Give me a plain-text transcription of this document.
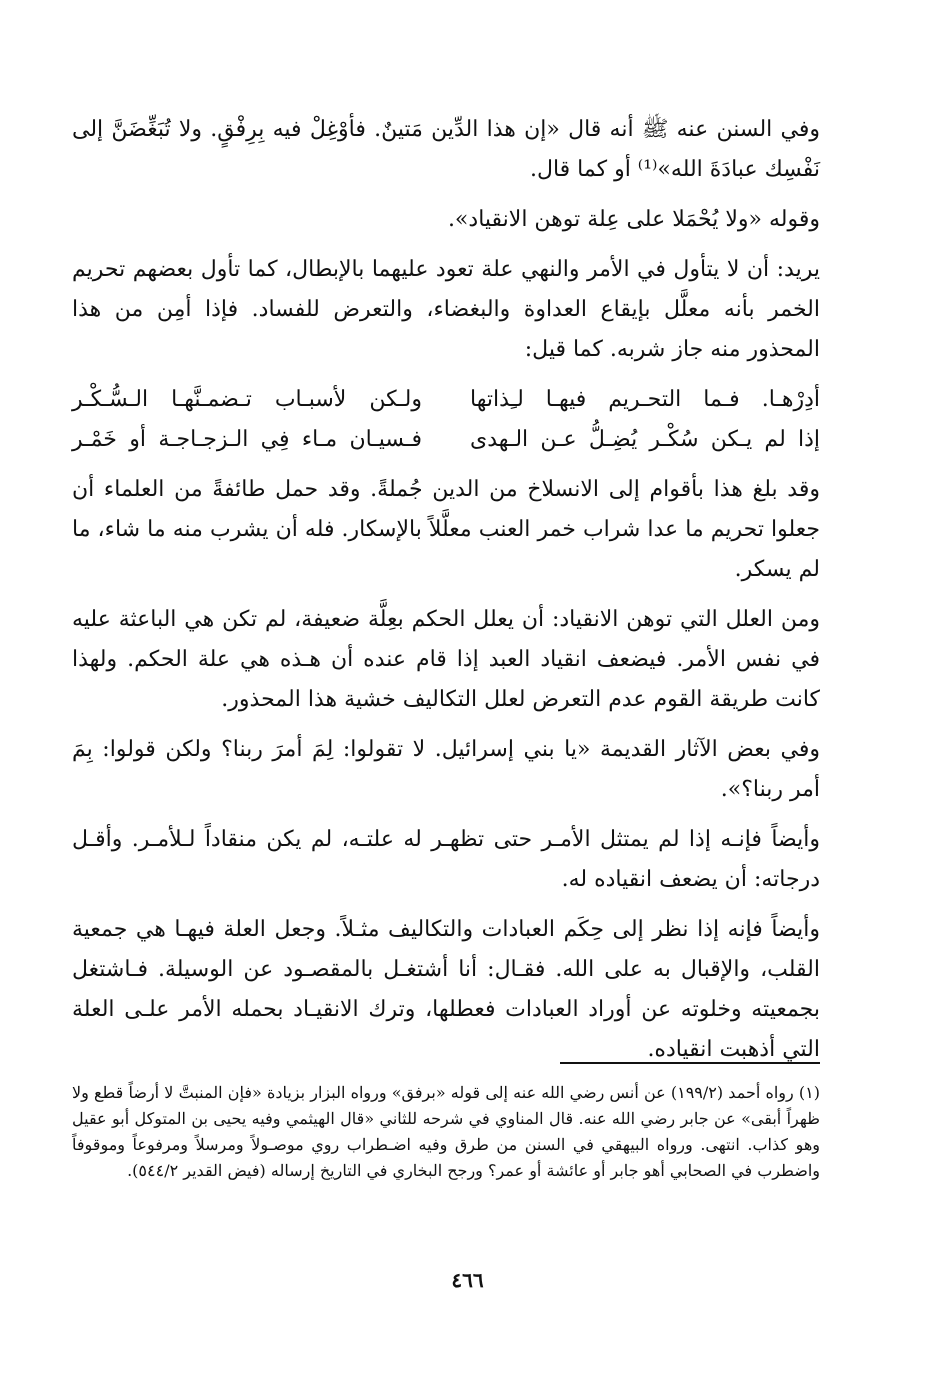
وفي السنن عنه ﷺ أنه قال «إن هذا الدِّين مَتينٌ. فأوْغِلْ فيه بِرِفْقٍ. ولا تُبَغِّضَنَّ إلى نَفْسِك عبادَةَ الله»⁽¹⁾ أو كما قال.

وقوله «ولا يُحْمَلا على عِلة توهن الانقياد».

يريد: أن لا يتأول في الأمر والنهي علة تعود عليهما بالإبطال، كما تأول بعضهم تحريم الخمر بأنه معلَّل بإيقاع العداوة والبغضاء، والتعرض للفساد. فإذا أمِن من هذا المحذور منه جاز شربه. كما قيل:

أدِرْهـا. فـما التحـريم فيهـا لـِذاتها
ولـكن لأسبـاب تـضمـنَّهـا الـسُّـكْـر
إذا لم يـكن سُكْـر يُضِـلُّ عـن الـهدى
فـسيـان مـاء فِي الـزجـاجـة أو خَمْـر

وقد بلغ هذا بأقوام إلى الانسلاخ من الدين جُملةً. وقد حمل طائفةً من العلماء أن جعلوا تحريم ما عدا شراب خمر العنب معلَّلاً بالإسكار. فله أن يشرب منه ما شاء، ما لم يسكر.

ومن العلل التي توهن الانقياد: أن يعلل الحكم بعِلَّة ضعيفة، لم تكن هي الباعثة عليه في نفس الأمر. فيضعف انقياد العبد إذا قام عنده أن هـذه هي علة الحكم. ولهذا كانت طريقة القوم عدم التعرض لعلل التكاليف خشية هذا المحذور.

وفي بعض الآثار القديمة «يا بني إسرائيل. لا تقولوا: لِمَ أمرَ ربنا؟ ولكن قولوا: بِمَ أمر ربنا؟».

وأيضاً فإنـه إذا لم يمتثل الأمـر حتى تظهـر له علتـه، لم يكن منقاداً لـلأمـر. وأقـل درجاته: أن يضعف انقياده له.

وأيضاً فإنه إذا نظر إلى حِكَم العبادات والتكاليف مثـلاً. وجعل العلة فيهـا هي جمعية القلب، والإقبال به على الله. فقـال: أنا أشتغـل بالمقصـود عن الوسيلة. فـاشتغل بجمعيته وخلوته عن أوراد العبادات فعطلها، وترك الانقيـاد بحمله الأمر علـى العلة التي أذهبت انقياده.

(١) رواه أحمد (١٩٩/٢) عن أنس رضي الله عنه إلى قوله «برفق» ورواه البزار بزيادة «فإن المنبتَّ لا أرضاً قطع ولا ظهراً أبقى» عن جابر رضي الله عنه. قال المناوي في شرحه للثاني «قال الهيثمي وفيه يحيى بن المتوكل أبو عقيل وهو كذاب. انتهى. ورواه البيهقي في السنن من طرق وفيه اضـطراب روي موصـولاً ومرسلاً ومرفوعاً وموقوفاً واضطرب في الصحابي أهو جابر أو عائشة أو عمر؟ ورجح البخاري في التاريخ إرساله (فيض القدير ٥٤٤/٢).

٤٦٦
